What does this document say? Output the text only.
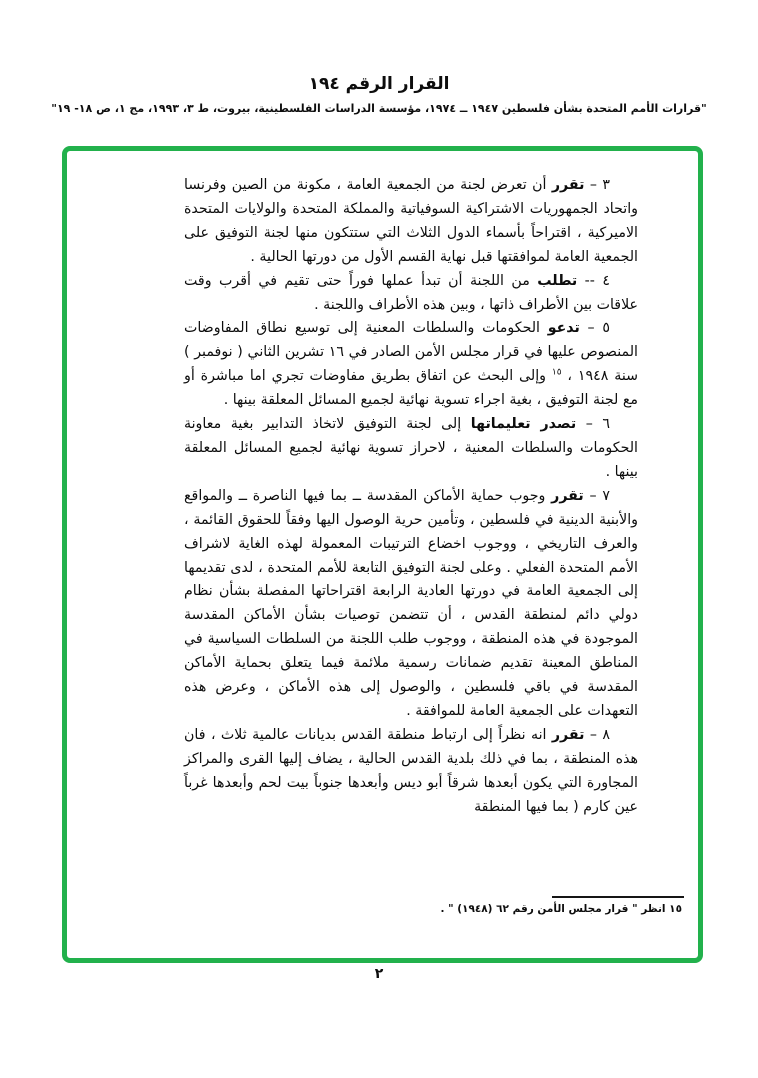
القرار الرقم ١٩٤
"قرارات الأمم المتحدة بشأن فلسطين ١٩٤٧ ــ ١٩٧٤، مؤسسة الدراسات الفلسطينية، بيروت، ط ٣، ١٩٩٣، مج ١، ص ١٨- ١٩"

٣ – تقرر أن تعرض لجنة من الجمعية العامة ، مكونة من الصين وفرنسا واتحاد الجمهوريات الاشتراكية السوفياتية والمملكة المتحدة والولايات المتحدة الاميركية ، اقتراحاً بأسماء الدول الثلاث التي ستتكون منها لجنة التوفيق على الجمعية العامة لموافقتها قبل نهاية القسم الأول من دورتها الحالية .

٤ -- تطلب من اللجنة أن تبدأ عملها فوراً حتى تقيم في أقرب وقت علاقات بين الأطراف ذاتها ، وبين هذه الأطراف واللجنة .

٥ – تدعو الحكومات والسلطات المعنية إلى توسيع نطاق المفاوضات المنصوص عليها في قرار مجلس الأمن الصادر في ١٦ تشرين الثاني ( نوفمبر ) سنة ١٩٤٨ ، $^{١٥}$ وإلى البحث عن اتفاق بطريق مفاوضات تجري اما مباشرة أو مع لجنة التوفيق ، بغية اجراء تسوية نهائية لجميع المسائل المعلقة بينها .

٦ – تصدر تعليماتها إلى لجنة التوفيق لاتخاذ التدابير بغية معاونة الحكومات والسلطات المعنية ، لاحراز تسوية نهائية لجميع المسائل المعلقة بينها .

٧ – تقرر وجوب حماية الأماكن المقدسة ــ بما فيها الناصرة ــ والمواقع والأبنية الدينية في فلسطين ، وتأمين حرية الوصول اليها وفقاً للحقوق القائمة ، والعرف التاريخي ، ووجوب اخضاع الترتيبات المعمولة لهذه الغاية لاشراف الأمم المتحدة الفعلي . وعلى لجنة التوفيق التابعة للأمم المتحدة ، لدى تقديمها إلى الجمعية العامة في دورتها العادية الرابعة اقتراحاتها المفصلة بشأن نظام دولي دائم لمنطقة القدس ، أن تتضمن توصيات بشأن الأماكن المقدسة الموجودة في هذه المنطقة ، ووجوب طلب اللجنة من السلطات السياسية في المناطق المعينة تقديم ضمانات رسمية ملائمة فيما يتعلق بحماية الأماكن المقدسة في باقي فلسطين ، والوصول إلى هذه الأماكن ، وعرض هذه التعهدات على الجمعية العامة للموافقة .

٨ – تقرر انه نظراً إلى ارتباط منطقة القدس بديانات عالمية ثلاث ، فان هذه المنطقة ، بما في ذلك بلدية القدس الحالية ، يضاف إليها القرى والمراكز المجاورة التي يكون أبعدها شرقاً أبو ديس وأبعدها جنوباً بيت لحم وأبعدها غرباً عين كارم ( بما فيها المنطقة

١٥ انظر " قرار مجلس الأمن رقم ٦٢ (١٩٤٨) " .
٢
